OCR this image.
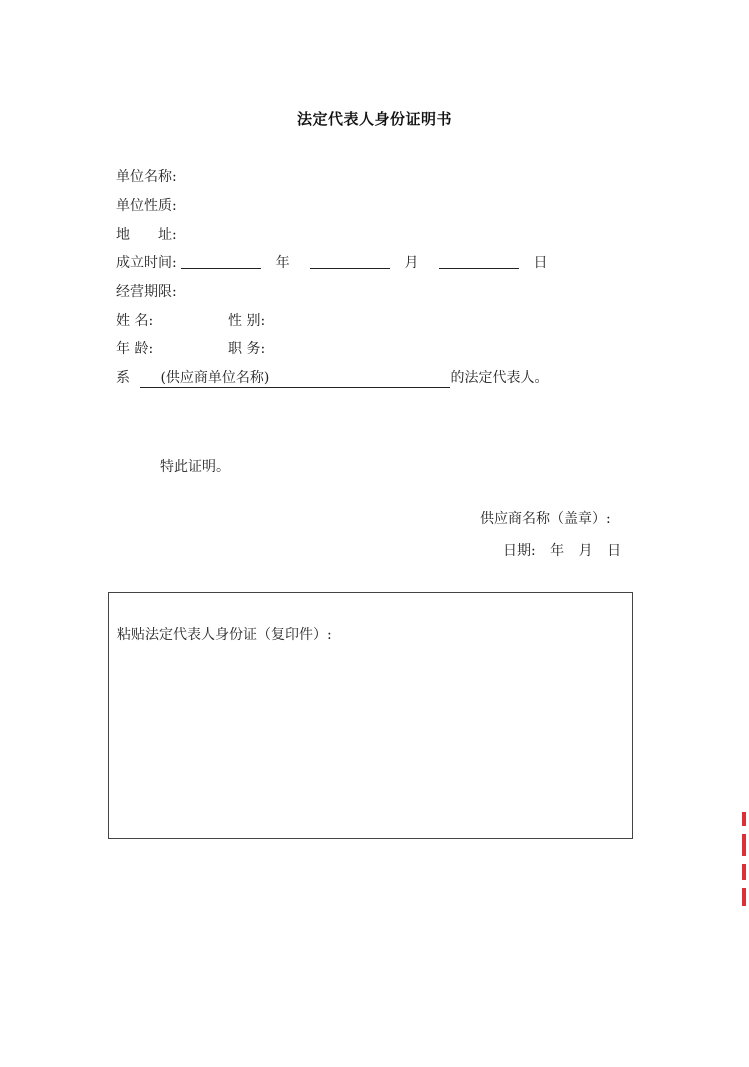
法定代表人身份证明书
单位名称:
单位性质:
地　　址:
成立时间:	年	月	日
经营期限:
姓 名:	性 别:
年 龄:	职 务:
系 (供应商单位名称)	的法定代表人。
特此证明。
供应商名称（盖章）:
日期: 年 月 日
粘贴法定代表人身份证（复印件）:
